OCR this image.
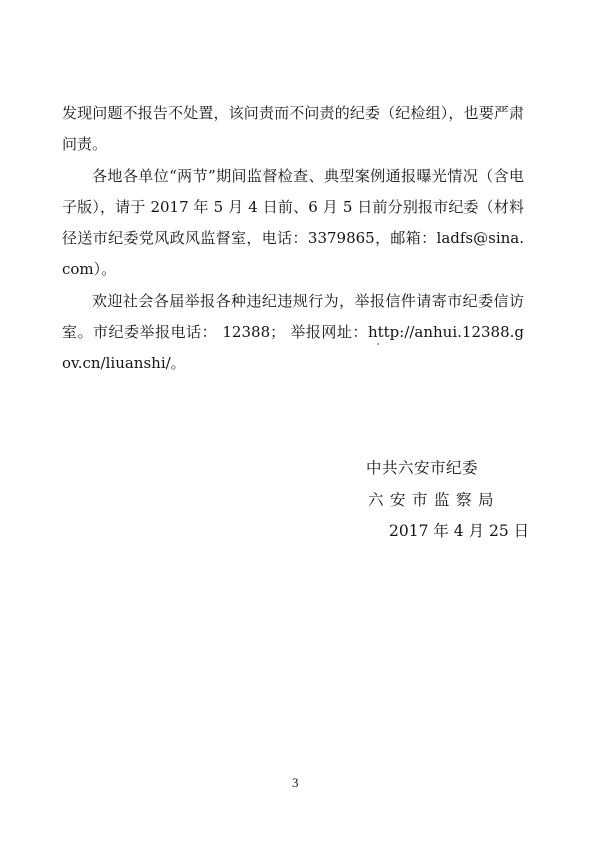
发现问题不报告不处置，该问责而不问责的纪委（纪检组），也要严肃问责。

各地各单位“两节”期间监督检查、典型案例通报曝光情况（含电子版），请于 2017 年 5 月 4 日前、6 月 5 日前分别报市纪委（材料径送市纪委党风政风监督室，电话：3379865，邮箱：ladfs@sina.com）。

欢迎社会各届举报各种违纪违规行为，举报信件请寄市纪委信访室。市纪委举报电话： 12388； 举报网址：http://anhui.12388.gov.cn/liuanshi/。

中共六安市纪委
六安市监察局
2017 年 4 月 25 日
3
